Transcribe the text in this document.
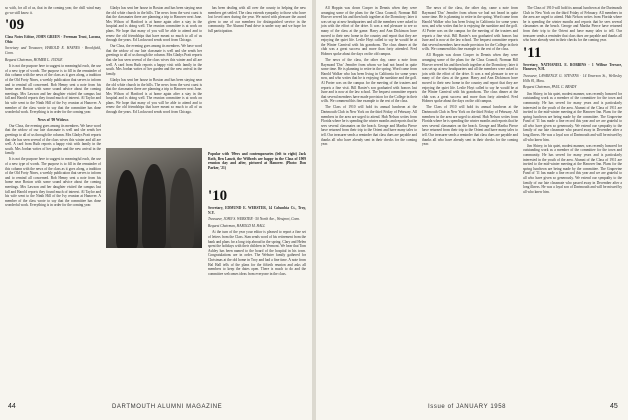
so with, for all of us, that in the coming year, the chill wind may go we still know it.

'09

Class Notes Editor, JOHN GREEN · Freeman Trust, Lacona, Ohio

Secretary and Treasurer, HAROLD E. HAYNES · Brookfield, Conn.

Bequest Chairman, HOMER L. JUDGE

It is not the purpose here to suggest to meaningful each, the use of a new type of words. The purpose is to fill in the remainder of this column with the news of the class as it goes along, a tradition of the Old Forty Nines, a weekly publication that serves to inform and to remind all concerned. Bob Henny sent a note from his home near Boston with some sound advice about the coming meetings. Mrs Lawson and her daughter visited the campus last fall and Harold reports they found much of interest. Al Taylor and his wife went to the Ninth Hill of the Ivy reunion at Hanover. A member of the class wrote to say that the committee has done wonderful work. Everything is in order for the coming year.

News of '09 Widows

Our Class, the evening goes among its members. We have word that the widow of our late classmate is well and she sends her greetings to all of us through the column. Mrs Gladys Pratt reports that she has seen several of the class wives this winter and all are well. A card from Ruth reports a happy visit with family in the south. Mrs Jordan writes of her garden and the new arrival in the family.

It is not the purpose here to suggest to meaningful each, the use of a new type of words. The purpose is to fill in the remainder of this column with the news of the class as it goes along, a tradition of the Old Forty Nines, a weekly publication that serves to inform and to remind all concerned. Bob Henny sent a note from his home near Boston with some sound advice about the coming meetings. Mrs Lawson and her daughter visited the campus last fall and Harold reports they found much of interest. Al Taylor and his wife went to the Ninth Hill of the Ivy reunion at Hanover. A member of the class wrote to say that the committee has done wonderful work. Everything is in order for the coming year.

Gladys has sent her house in Boston and has been staying near the old white church in the hills. The news from the west coast is that the classmates there are planning a trip to Hanover next June. Mrs Wilson of Hartford is at home again after a stay in the hospital and is doing well. The reunion committee is at work on plans. We hope that many of you will be able to attend and to renew the old friendships that have meant so much to all of us through the years. Ed Lockwood sends word from Chicago.

Our Class, the evening goes among its members. We have word that the widow of our late classmate is well and she sends her greetings to all of us through the column. Mrs Gladys Pratt reports that she has seen several of the class wives this winter and all are well. A card from Ruth reports a happy visit with family in the south. Mrs Jordan writes of her garden and the new arrival in the family.

Gladys has sent her house in Boston and has been staying near the old white church in the hills. The news from the west coast is that the classmates there are planning a trip to Hanover next June. Mrs Wilson of Hartford is at home again after a stay in the hospital and is doing well. The reunion committee is at work on plans. We hope that many of you will be able to attend and to renew the old friendships that have meant so much to all of us through the years. Ed Lockwood sends word from Chicago.

Popular with '09ers and contemporaries (left to right) Jack Roth, Ben Lanzit, the Wilfords are happy in the Class of 1909 reunion day and after, pictured at Hanover. (Photo: Don Parker, '21)

has been dealing with all over the county in helping the new members get settled. The class extends sympathy to those who have lost loved ones during the year. We noted with pleasure the award given to one of our members for distinguished service in the community. The Alumni Fund drive is under way and we hope for full participation.

'10

Secretary, EDMUND E. WEBSTER, 14 Columbia Ct., Troy, N.Y.

Treasurer, JOHN S. WEBSTER · 50 North Ave., Westport, Conn.

Bequest Chairman, HAROLD M. HALL

At the turn of the year your editor is pleased to report a fine set of letters from the Class. Stan sends word of his retirement from the bank and plans for a long trip abroad in the spring. Clary and Helen spent the holidays with their children in Vermont. We hear that Tom Ashley has been named to the board of the hospital in his town. Congratulations are in order. The Webster family gathered for Christmas at the old home in Troy and had a fine time. A note from Hal Hall tells of the plans for the fiftieth reunion and asks all members to keep the dates open. There is much to do and the committee welcomes ideas from everyone in the class.

44	DARTMOUTH ALUMNI MAGAZINE

All Hoppin was down Cooper in Dennis when they were arranging some of the plans for the Class Council; Norman Bill Hoover served his and then both together at the Dormitory; later it was set up at new headquarters and all the members were asked to join with the effort of the drive. It was a real pleasure to see so many of the class at the game. Harry and Ann Dickinson have moved to their new home in the country and report that they are enjoying the quiet life. Leslie Hoyt called to say he would be at the Winter Carnival with his grandsons. The class dinner at the club was a great success and more than forty attended. Fred Holmes spoke about the days on the old campus.

The news of the class, the other day, came a note from Raymond 'Doc' Jennifer from whom we had not heard in quite some time. He is planning to retire in the spring. Word came from Harold Walker who has been living in California for some years now, and who writes that he is enjoying the sunshine and the golf. Al Porter was on the campus for the meeting of the trustees and reports a fine visit. Bill Baxter's son graduated with honors last June and is now at the law school. The bequest committee reports that several members have made provision for the College in their wills. We commend this fine example to the rest of the class.

The Class of 1910 will hold its annual luncheon at the Dartmouth Club in New York on the third Friday of February. All members in the area are urged to attend. Hub Nelson writes from Florida where he is spending the winter months and reports that he sees several classmates on the beach. George and Martha Pierce have returned from their trip to the Orient and have many tales to tell. Our treasurer sends a reminder that class dues are payable and thanks all who have already sent in their checks for the coming year.

The news of the class, the other day, came a note from Raymond 'Doc' Jennifer from whom we had not heard in quite some time. He is planning to retire in the spring. Word came from Harold Walker who has been living in California for some years now, and who writes that he is enjoying the sunshine and the golf. Al Porter was on the campus for the meeting of the trustees and reports a fine visit. Bill Baxter's son graduated with honors last June and is now at the law school. The bequest committee reports that several members have made provision for the College in their wills. We commend this fine example to the rest of the class.

All Hoppin was down Cooper in Dennis when they were arranging some of the plans for the Class Council; Norman Bill Hoover served his and then both together at the Dormitory; later it was set up at new headquarters and all the members were asked to join with the effort of the drive. It was a real pleasure to see so many of the class at the game. Harry and Ann Dickinson have moved to their new home in the country and report that they are enjoying the quiet life. Leslie Hoyt called to say he would be at the Winter Carnival with his grandsons. The class dinner at the club was a great success and more than forty attended. Fred Holmes spoke about the days on the old campus.

The Class of 1910 will hold its annual luncheon at the Dartmouth Club in New York on the third Friday of February. All members in the area are urged to attend. Hub Nelson writes from Florida where he is spending the winter months and reports that he sees several classmates on the beach. George and Martha Pierce have returned from their trip to the Orient and have many tales to tell. Our treasurer sends a reminder that class dues are payable and thanks all who have already sent in their checks for the coming year.

The Class of 1910 will hold its annual luncheon at the Dartmouth Club in New York on the third Friday of February. All members in the area are urged to attend. Hub Nelson writes from Florida where he is spending the winter months and reports that he sees several classmates on the beach. George and Martha Pierce have returned from their trip to the Orient and have many tales to tell. Our treasurer sends a reminder that class dues are payable and thanks all who have already sent in their checks for the coming year.

'11

Secretary, NATHANIEL E. ROBBINS · 1 Wilbur Terrace, Hanover, N.H.

Treasurer, LAWRENCE G. STEVENS · 14 Emerson St., Wellesley Hills 81, Mass.

Bequest Chairman, PAUL C. BRADY

Jim Shirey, in his quiet, modest manner, was recently honored for outstanding work as a member of the committee for the town and community. He has served for many years and is particularly interested in the youth of the area. Alumni of the Class of 1911 are invited to the mid-winter meeting at the Hanover Inn. Plans for the spring luncheon are being made by the committee. The Grapevine Fund of '11 has made a fine record this year and we are grateful to all who have given so generously. We extend our sympathy to the family of our late classmate who passed away in December after a long illness. He was a loyal son of Dartmouth and will be missed by all who knew him.

Jim Shirey, in his quiet, modest manner, was recently honored for outstanding work as a member of the committee for the town and community. He has served for many years and is particularly interested in the youth of the area. Alumni of the Class of 1911 are invited to the mid-winter meeting at the Hanover Inn. Plans for the spring luncheon are being made by the committee. The Grapevine Fund of '11 has made a fine record this year and we are grateful to all who have given so generously. We extend our sympathy to the family of our late classmate who passed away in December after a long illness. He was a loyal son of Dartmouth and will be missed by all who knew him.

Issue of JANUARY 1958	45
